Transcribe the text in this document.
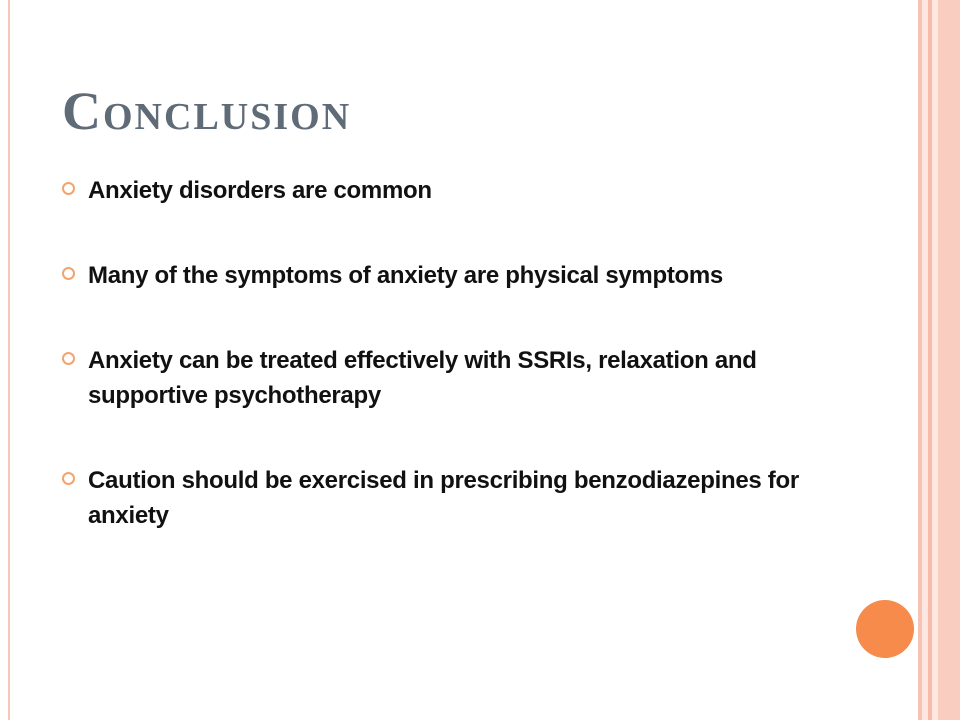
Conclusion
Anxiety disorders are common
Many of the symptoms of anxiety are physical symptoms
Anxiety can be treated effectively with SSRIs, relaxation and supportive psychotherapy
Caution should be exercised in prescribing benzodiazepines for anxiety
